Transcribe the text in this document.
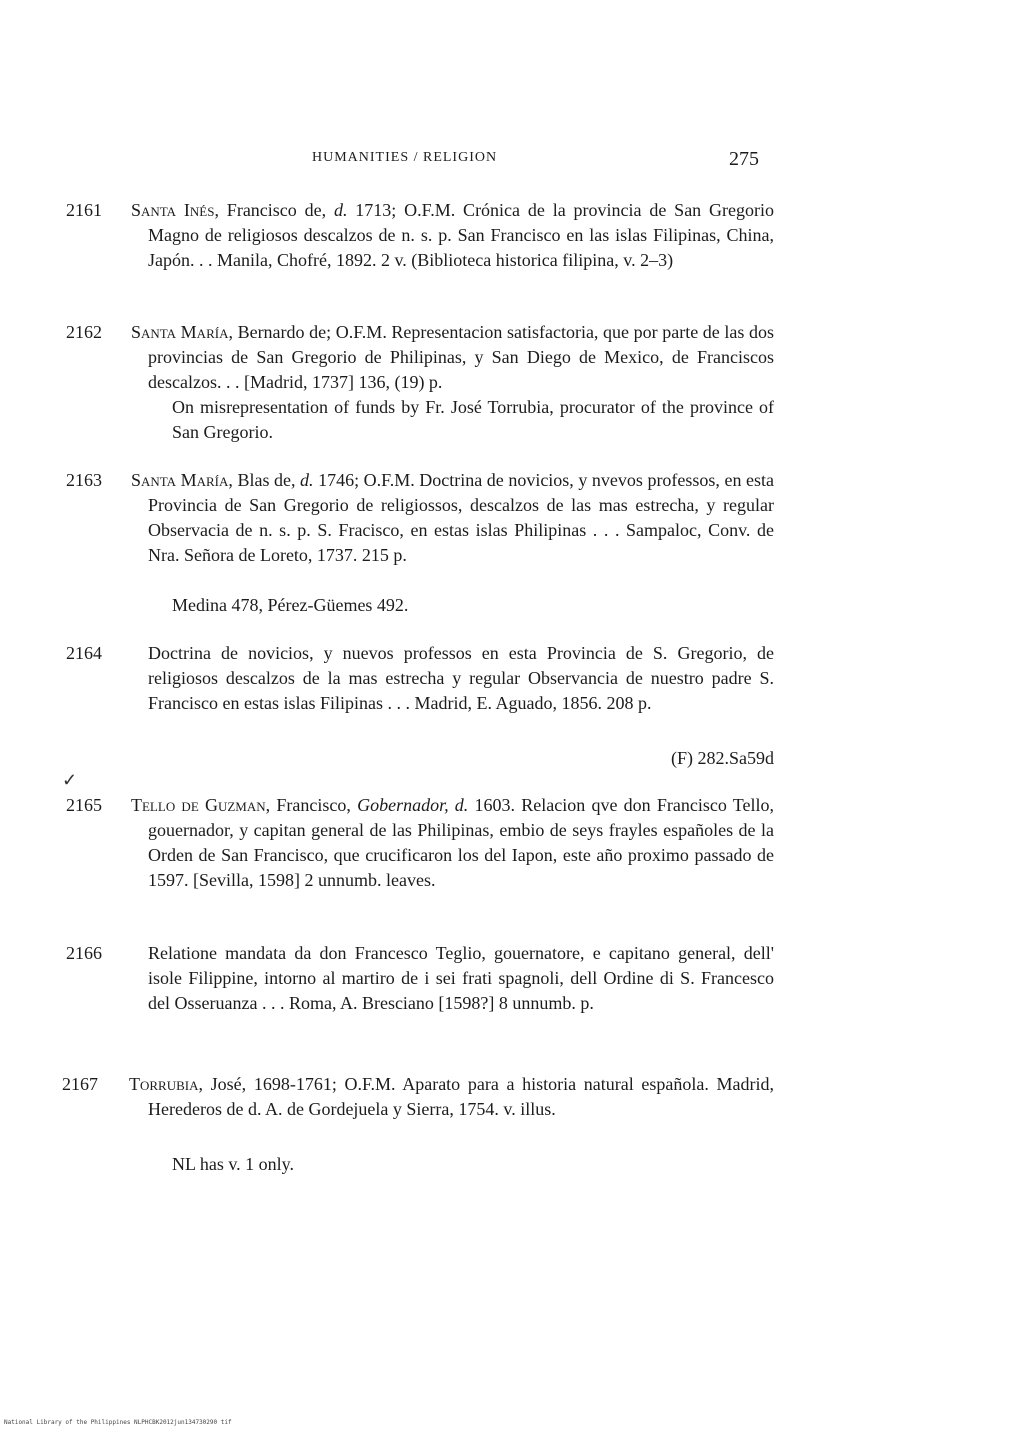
HUMANITIES / RELIGION	275
2161 Santa Inés, Francisco de, d. 1713; O.F.M. Crónica de la provincia de San Gregorio Magno de religiosos descalzos de n. s. p. San Francisco en las islas Filipinas, China, Japón. . . Manila, Chofré, 1892. 2 v. (Biblioteca historica filipina, v. 2–3)
2162 Santa María, Bernardo de; O.F.M. Representacion satisfactoria, que por parte de las dos provincias de San Gregorio de Philipinas, y San Diego de Mexico, de Franciscos descalzos. . . [Madrid, 1737] 136, (19) p.
On misrepresentation of funds by Fr. José Torrubia, procurator of the province of San Gregorio.
2163 Santa María, Blas de, d. 1746; O.F.M. Doctrina de novicios, y nvevos professos, en esta Provincia de San Gregorio de religiossos, descalzos de las mas estrecha, y regular Observacia de n. s. p. S. Fracisco, en estas islas Philipinas . . . Sampaloc, Conv. de Nra. Señora de Loreto, 1737. 215 p.
Medina 478, Pérez-Güemes 492.
2164	Doctrina de novicios, y nuevos professos en esta Provincia de S. Gregorio, de religiosos descalzos de la mas estrecha y regular Observancia de nuestro padre S. Francisco en estas islas Filipinas . . . Madrid, E. Aguado, 1856. 208 p.
(F) 282.Sa59d
✓
2165 Tello de Guzman, Francisco, Gobernador, d. 1603. Relacion qve don Francisco Tello, gouernador, y capitan general de las Philipinas, embio de seys frayles españoles de la Orden de San Francisco, que crucificaron los del Iapon, este año proximo passado de 1597. [Sevilla, 1598] 2 unnumb. leaves.
2166	Relatione mandata da don Francesco Teglio, gouernatore, e capitano general, dell' isole Filippine, intorno al martiro de i sei frati spagnoli, dell Ordine di S. Francesco del Osseruanza . . . Roma, A. Bresciano [1598?] 8 unnumb. p.
2167 Torrubia, José, 1698-1761; O.F.M. Aparato para a historia natural española. Madrid, Herederos de d. A. de Gordejuela y Sierra, 1754. v. illus.
NL has v. 1 only.
National Library of the Philippines NLPHCBK2012jun134730290 tif
